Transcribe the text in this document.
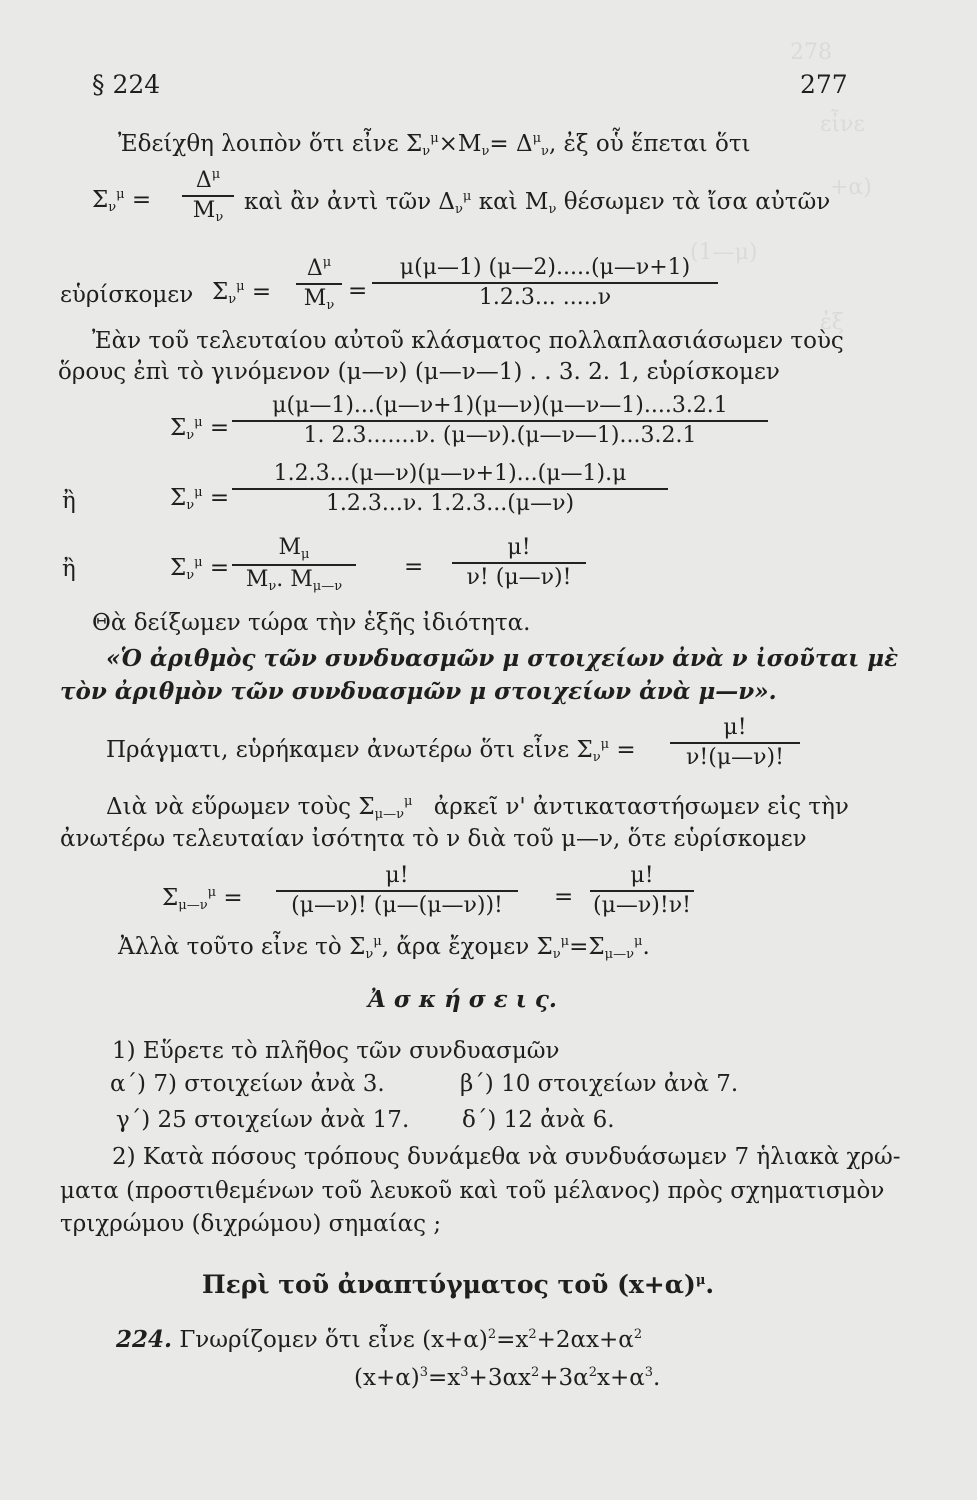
278
εἶνε
+α)
(1—μ)
ἐξ
§ 224	277
Ἐδείχθη λοιπὸν ὅτι εἶνε $\Sigma_\nu^\mu\times M_\nu= \Delta^\mu_\nu$, ἐξ οὗ ἕπεται ὅτι
$\Sigma_\nu^\mu$ =
$\Delta^\mu$
$M_\nu$
καὶ ἂν ἀντὶ τῶν $\Delta_\nu^\mu$ καὶ $M_\nu$ θέσωμεν τὰ ἴσα αὐτῶν
εὑρίσκομεν $\Sigma_\nu^\mu$ =
$\Delta^\mu$
$M_\nu$
=
μ(μ—1) (μ—2).....(μ—ν+1)
1.2.3... .....ν
Ἐὰν τοῦ τελευταίου αὐτοῦ κλάσματος πολλαπλασιάσωμεν τοὺς
ὅρους ἐπὶ τὸ γινόμενον (μ—ν) (μ—ν—1) . . 3. 2. 1, εὑρίσκομεν
$\Sigma_\nu^\mu$ =
μ(μ—1)...(μ—ν+1)(μ—ν)(μ—ν—1)....3.2.1
1. 2.3.......ν. (μ—ν).(μ—ν—1)...3.2.1
ἢ	$\Sigma_\nu^\mu$ =
1.2.3...(μ—ν)(μ—ν+1)...(μ—1).μ
1.2.3...ν. 1.2.3...(μ—ν)
ἢ	$\Sigma_\nu^\mu$ =
$M_\mu$
$M_\nu$. $M_{\mu—\nu}$
=
μ!
ν! (μ—ν)!
Θὰ δείξωμεν τώρα τὴν ἑξῆς ἰδιότητα.
«Ὁ ἀριθμὸς τῶν συνδυασμῶν μ στοιχείων ἀνὰ ν ἰσοῦται μὲ
τὸν ἀριθμὸν τῶν συνδυασμῶν μ στοιχείων ἀνὰ μ—ν».
Πράγματι, εὑρήκαμεν ἀνωτέρω ὅτι εἶνε $\Sigma_\nu^\mu$ =
μ!
ν!(μ—ν)!
Διὰ νὰ εὕρωμεν τοὺς $\Sigma_{\mu—\nu}^\mu$ ἀρκεῖ ν' ἀντικαταστήσωμεν εἰς τὴν
ἀνωτέρω τελευταίαν ἰσότητα τὸ ν διὰ τοῦ μ—ν, ὅτε εὑρίσκομεν
$\Sigma_{\mu—\nu}^\mu$ =
μ!
(μ—ν)! (μ—(μ—ν))!	=
μ!
(μ—ν)!ν!
Ἀλλὰ τοῦτο εἶνε τὸ $\Sigma_\nu^\mu$, ἄρα ἔχομεν $\Sigma_\nu^\mu=\Sigma_{\mu—\nu}^\mu$.
Ἀ σ κ ή σ ε ι ς.
1) Εὕρετε τὸ πλῆθος τῶν συνδυασμῶν
α΄) 7) στοιχείων ἀνὰ 3.	β΄) 10 στοιχείων ἀνὰ 7.
γ΄) 25 στοιχείων ἀνὰ 17. δ΄) 12 ἀνὰ 6.
2) Κατὰ πόσους τρόπους δυνάμεθα νὰ συνδυάσωμεν 7 ἡλιακὰ χρώ-
ματα (προστιθεμένων τοῦ λευκοῦ καὶ τοῦ μέλανος) πρὸς σχηματισμὸν
τριχρώμου (διχρώμου) σημαίας ;
Περὶ τοῦ ἀναπτύγματος τοῦ $(x+\alpha)^\mu$.
224. Γνωρίζομεν ὅτι εἶνε $(x+\alpha)^2=x^2+2\alpha x+\alpha^2$
$(x+\alpha)^3=x^3+3\alpha x^2+3\alpha^2x+\alpha^3$.
